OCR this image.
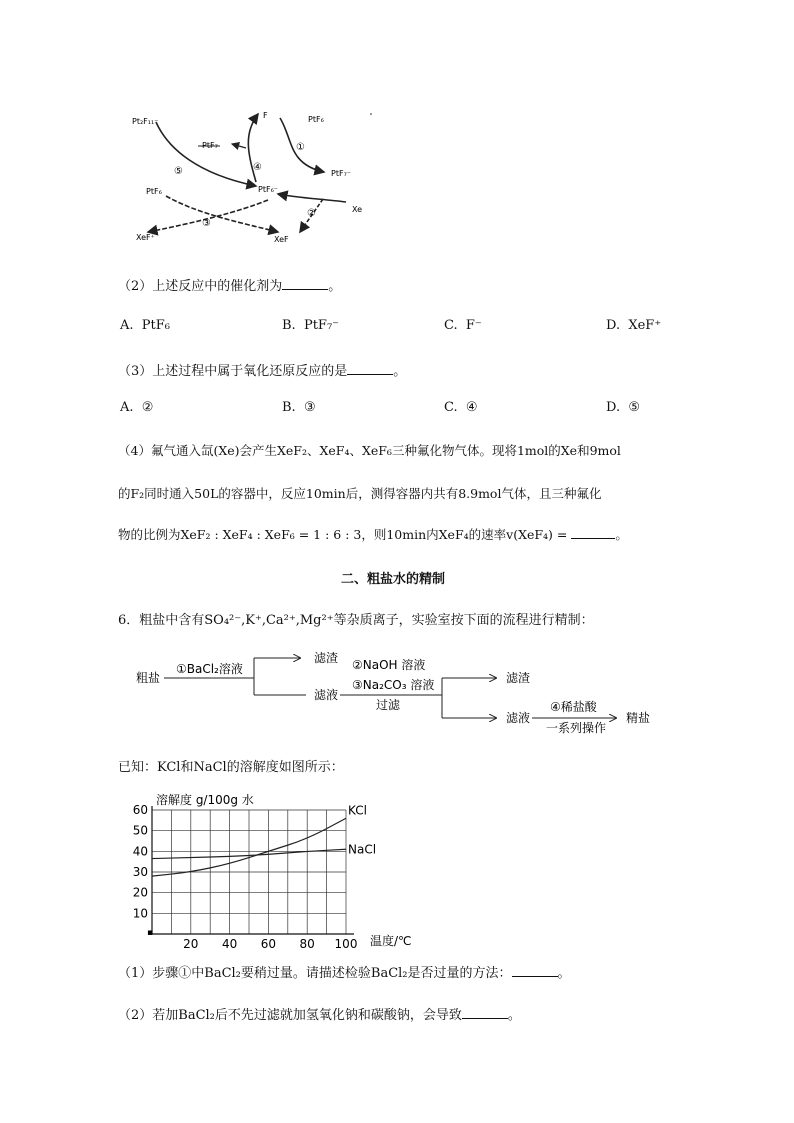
Pt₂F₁₁⁻
F	PtF₆
PtF₇
PtF₇⁻
PtF₆	PtF₆⁻
Xe
XeF⁺	XeF
①
②
③
④
⑤
（2）上述反应中的催化剂为	。
A. PtF₆	B. PtF₇⁻	C. F⁻	D. XeF⁺
（3）上述过程中属于氧化还原反应的是	。
A. ②	B. ③	C. ④	D. ⑤
（4）氟气通入氙(Xe)会产生XeF₂、XeF₄、XeF₆三种氟化物气体。现将1mol的Xe和9mol
的F₂同时通入50L的容器中，反应10min后，测得容器内共有8.9mol气体，且三种氟化
物的比例为XeF₂ : XeF₄ : XeF₆ = 1 : 6 : 3，则10min内XeF₄的速率v(XeF₄) =	。
二、粗盐水的精制
6．粗盐中含有SO₄²⁻,K⁺,Ca²⁺,Mg²⁺等杂质离子，实验室按下面的流程进行精制：
粗盐
①BaCl₂溶液
滤渣
滤液
②NaOH 溶液
③Na₂CO₃ 溶液
过滤
滤渣
滤液
④稀盐酸
一系列操作
精盐
已知：KCl和NaCl的溶解度如图所示：
20 40 60 80 100
60
50
40
30
20
10
KCl
NaCl
溶解度 g/100g 水
温度/℃
▪
（1）步骤①中BaCl₂要稍过量。请描述检验BaCl₂是否过量的方法：	。
（2）若加BaCl₂后不先过滤就加氢氧化钠和碳酸钠，会导致	。
